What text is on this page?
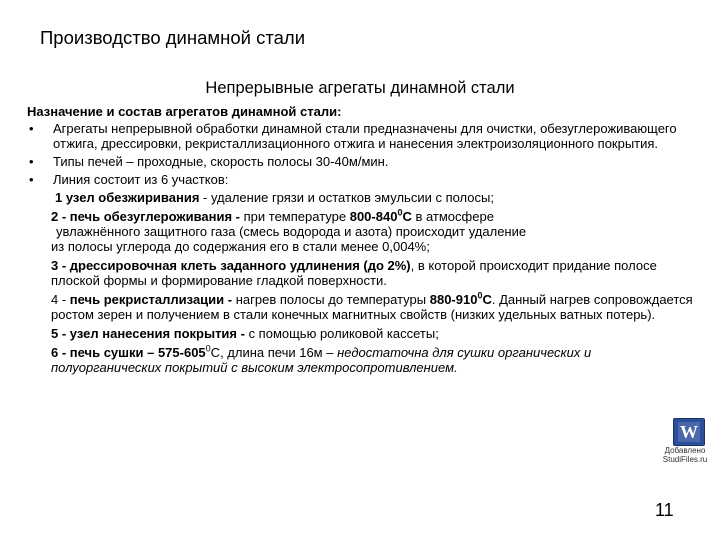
Производство динамной стали
Непрерывные агрегаты динамной стали
Назначение и состав агрегатов динамной стали:
• Агрегаты непрерывной обработки динамной стали предназначены для очистки, обезуглероживающего отжига, дрессировки, рекристаллизационного отжига и нанесения электроизоляционного покрытия.
• Типы печей – проходные, скорость полосы 30-40м/мин.
• Линия состоит из 6 участков:
1 узел обезжиривания - удаление грязи и остатков эмульсии с полосы;
2 - печь обезуглероживания - при температуре $800-840^0С$ в атмосфере
увлажнённого защитного газа (смесь водорода и азота) происходит удаление
из полосы углерода до содержания его в стали менее 0,004%;
3 - дрессировочная клеть заданного удлинения (до 2%), в которой происходит придание полосе плоской формы и формирование гладкой поверхности.
4 - печь рекристаллизации - нагрев полосы до температуры $880-910^0С$. Данный нагрев сопровождается ростом зерен и получением в стали конечных магнитных свойств (низких удельных ватных потерь).
5 - узел нанесения покрытия - с помощью роликовой кассеты;
6 - печь сушки – $575-605^0С$, длина печи 16м – недостаточна для сушки органических и полуорганических покрытий с высоким электросопротивлением.
W
Добавлено
StudiFiles.ru
11
